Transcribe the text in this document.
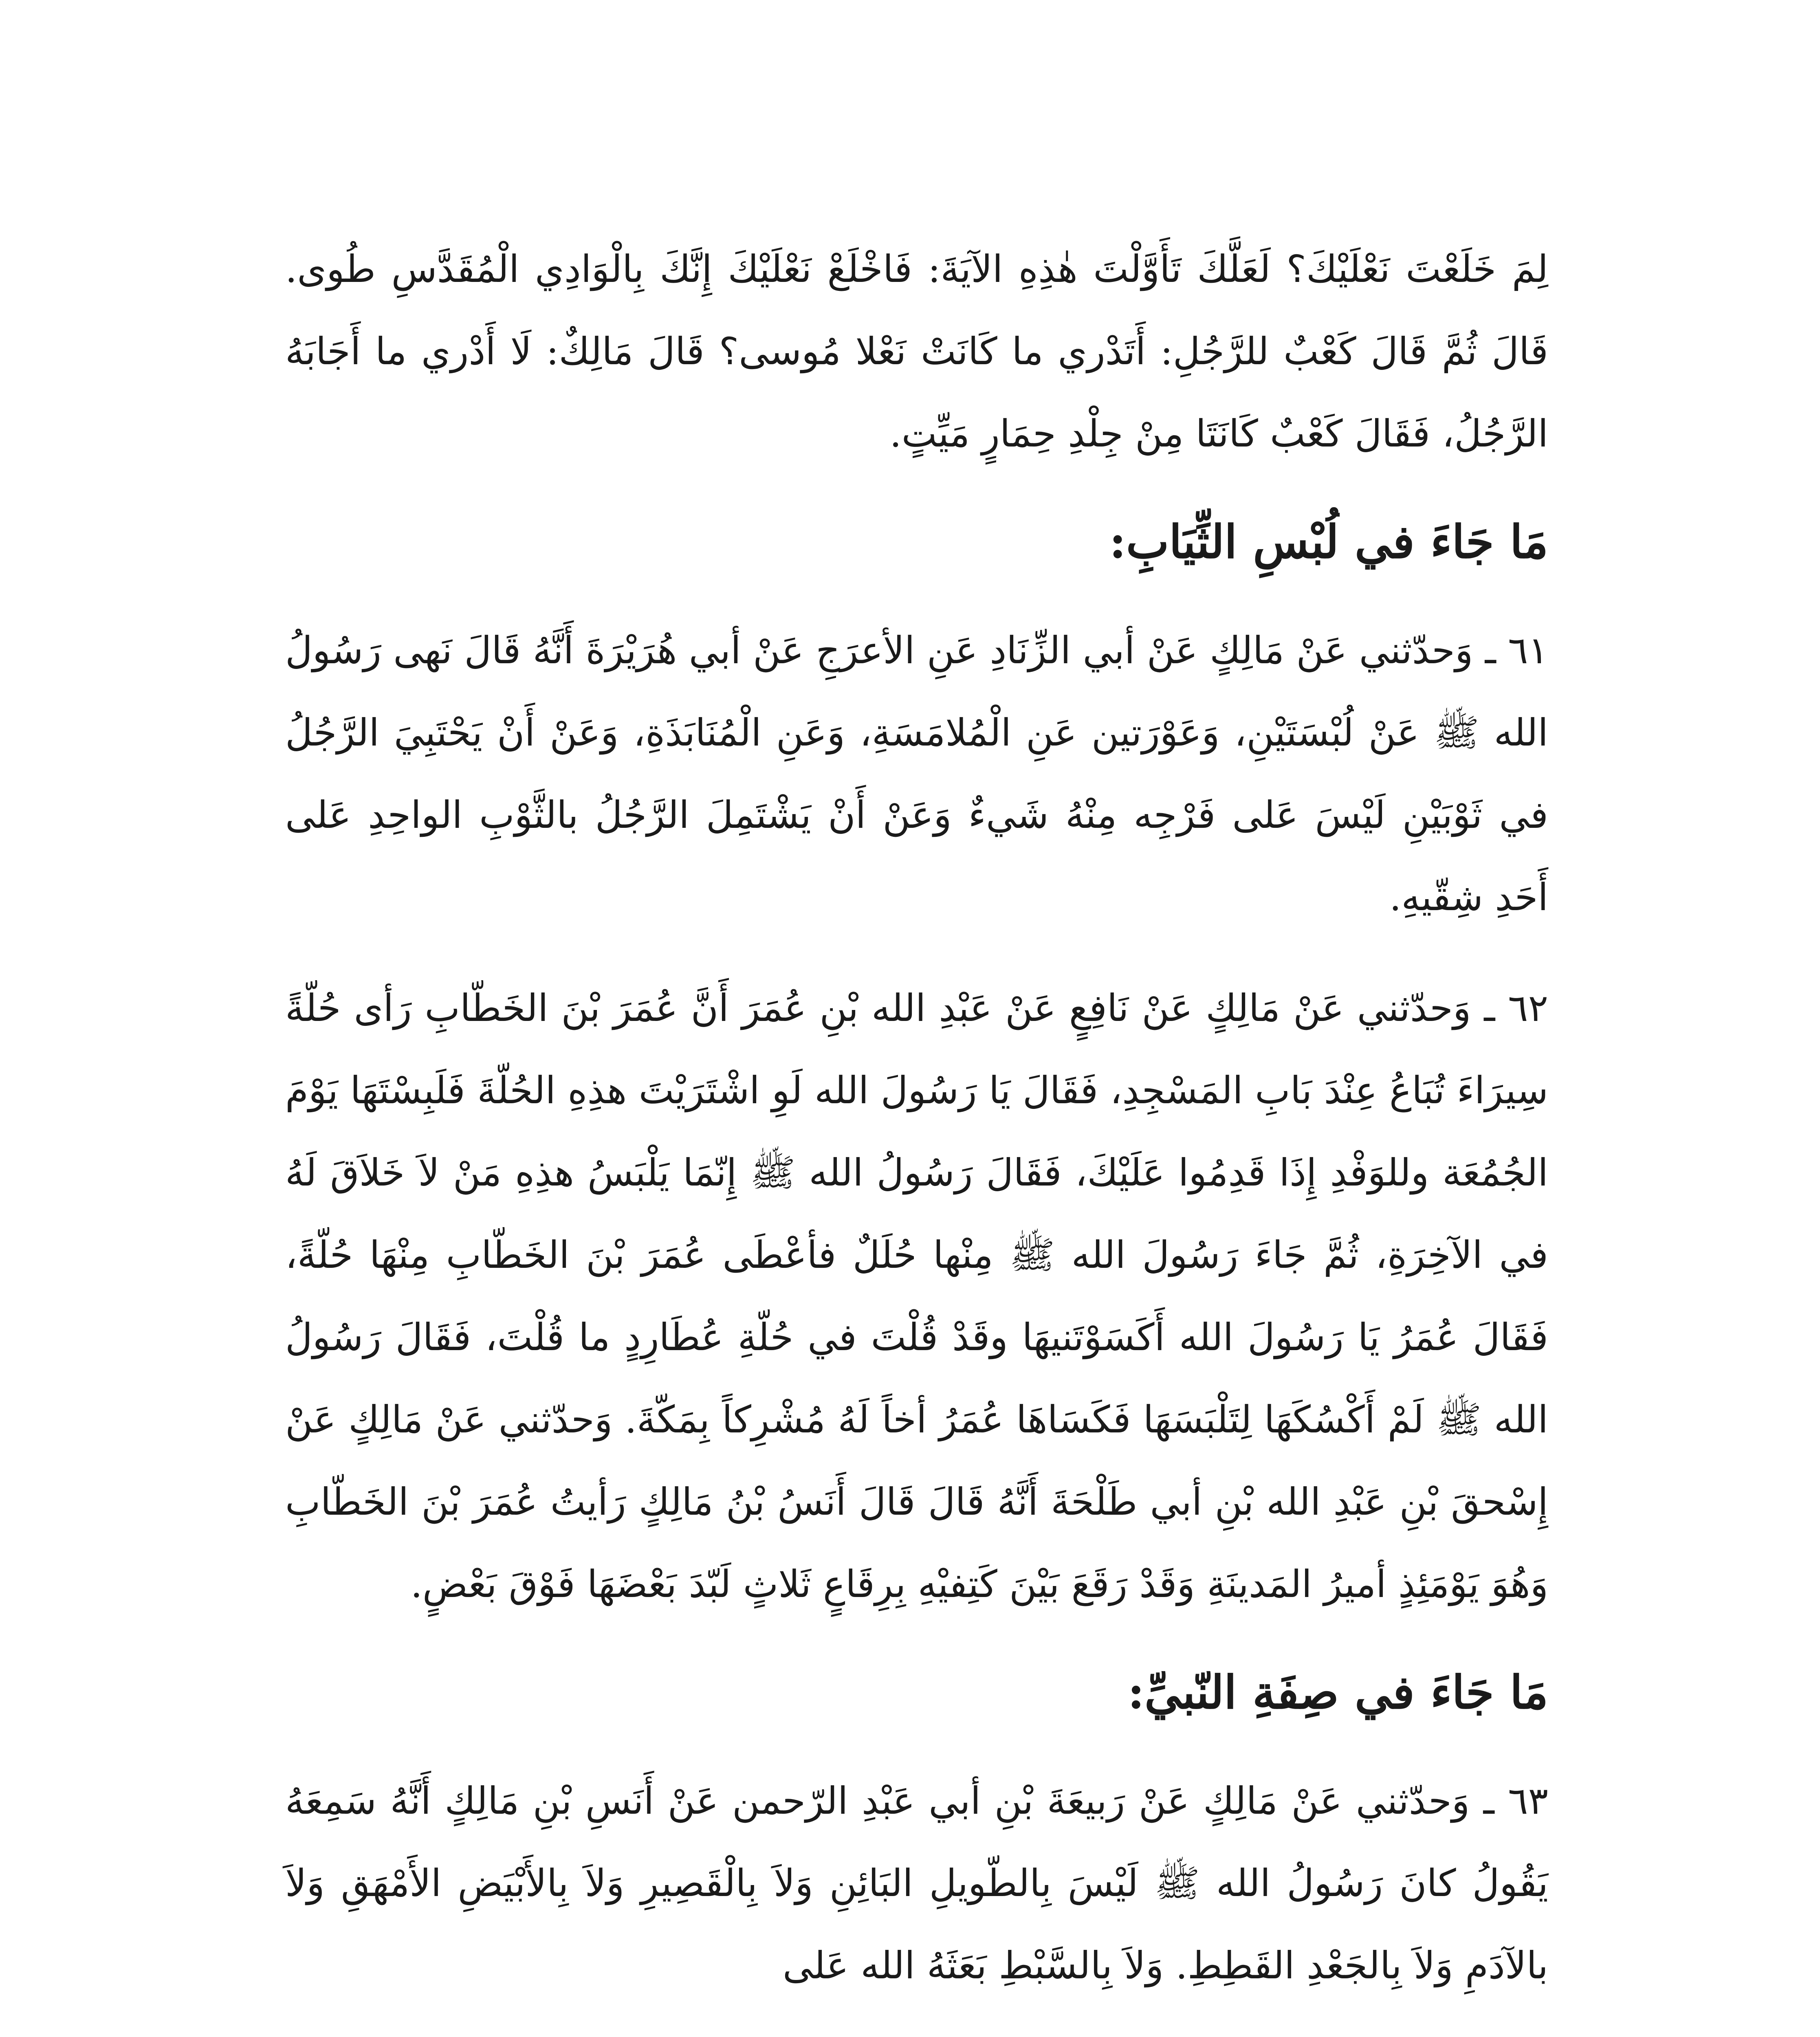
لِمَ خَلَعْتَ نَعْلَيْكَ؟ لَعَلَّكَ تَأَوَّلْتَ هٰذِهِ الآيَةَ: فَاخْلَعْ نَعْلَيْكَ إِنَّكَ بِالْوَادِي الْمُقَدَّسِ طُوى. قَالَ ثُمَّ قَالَ كَعْبٌ للرَّجُلِ: أَتَدْري ما كَانَتْ نَعْلا مُوسى؟ قَالَ مَالِكٌ: لَا أَدْري ما أَجَابَهُ الرَّجُلُ، فَقَالَ كَعْبٌ كَانَتَا مِنْ جِلْدِ حِمَارٍ مَيِّتٍ.

مَا جَاءَ في لُبْسِ الثِّيَابِ:

٦١ ـ وَحدّثني عَنْ مَالِكٍ عَنْ أبي الزِّنَادِ عَنِ الأعرَجِ عَنْ أبي هُرَيْرَةَ أَنَّهُ قَالَ نَهى رَسُولُ الله ﷺ عَنْ لُبْسَتَيْنِ، وَعَوْرَتين عَنِ الْمُلامَسَةِ، وَعَنِ الْمُنَابَذَةِ، وَعَنْ أَنْ يَحْتَبِيَ الرَّجُلُ في ثَوْبَيْنِ لَيْسَ عَلى فَرْجِه مِنْهُ شَيءٌ وَعَنْ أَنْ يَشْتَمِلَ الرَّجُلُ بالثَّوْبِ الواحِدِ عَلى أَحَدِ شِقّيهِ.

٦٢ ـ وَحدّثني عَنْ مَالِكٍ عَنْ نَافِعٍ عَنْ عَبْدِ الله بْنِ عُمَرَ أَنَّ عُمَرَ بْنَ الخَطّابِ رَأى حُلّةً سِيرَاءَ تُبَاعُ عِنْدَ بَابِ المَسْجِدِ، فَقَالَ يَا رَسُولَ الله لَوِ اشْتَرَيْتَ هذِهِ الحُلّةَ فَلَبِسْتَهَا يَوْمَ الجُمُعَة وللوَفْدِ إِذَا قَدِمُوا عَلَيْكَ، فَقَالَ رَسُولُ الله ﷺ إِنّمَا يَلْبَسُ هذِهِ مَنْ لاَ خَلاَقَ لَهُ في الآخِرَةِ، ثُمَّ جَاءَ رَسُولَ الله ﷺ مِنْها حُلَلٌ فأعْطَى عُمَرَ بْنَ الخَطّابِ مِنْهَا حُلّةً، فَقَالَ عُمَرُ يَا رَسُولَ الله أَكَسَوْتَنيهَا وقَدْ قُلْتَ في حُلّةِ عُطَارِدٍ ما قُلْتَ، فَقَالَ رَسُولُ الله ﷺ لَمْ أَكْسُكَهَا لِتَلْبَسَهَا فَكَسَاهَا عُمَرُ أخاً لَهُ مُشْرِكاً بِمَكّةَ. وَحدّثني عَنْ مَالِكٍ عَنْ إِسْحقَ بْنِ عَبْدِ الله بْنِ أبي طَلْحَةَ أَنَّهُ قَالَ قَالَ أَنَسُ بْنُ مَالِكٍ رَأيتُ عُمَرَ بْنَ الخَطّابِ وَهُوَ يَوْمَئِذٍ أميرُ المَدينَةِ وَقَدْ رَقَعَ بَيْنَ كَتِفيْهِ بِرِقَاعٍ ثَلاثٍ لَبّدَ بَعْضَهَا فَوْقَ بَعْضٍ.

مَا جَاءَ في صِفَةِ النّبيِّ:

٦٣ ـ وَحدّثني عَنْ مَالِكٍ عَنْ رَبيعَةَ بْنِ أبي عَبْدِ الرّحمن عَنْ أَنَسِ بْنِ مَالِكٍ أَنَّهُ سَمِعَهُ يَقُولُ كانَ رَسُولُ الله ﷺ لَيْسَ بِالطّويلِ البَائِنِ وَلاَ بِالْقَصِيرِ وَلاَ بِالأَبْيَضِ الأَمْهَقِ وَلاَ بالآدَمِ وَلاَ بِالجَعْدِ القَطِطِ. وَلاَ بِالسَّبْطِ بَعَثَهُ الله عَلى
